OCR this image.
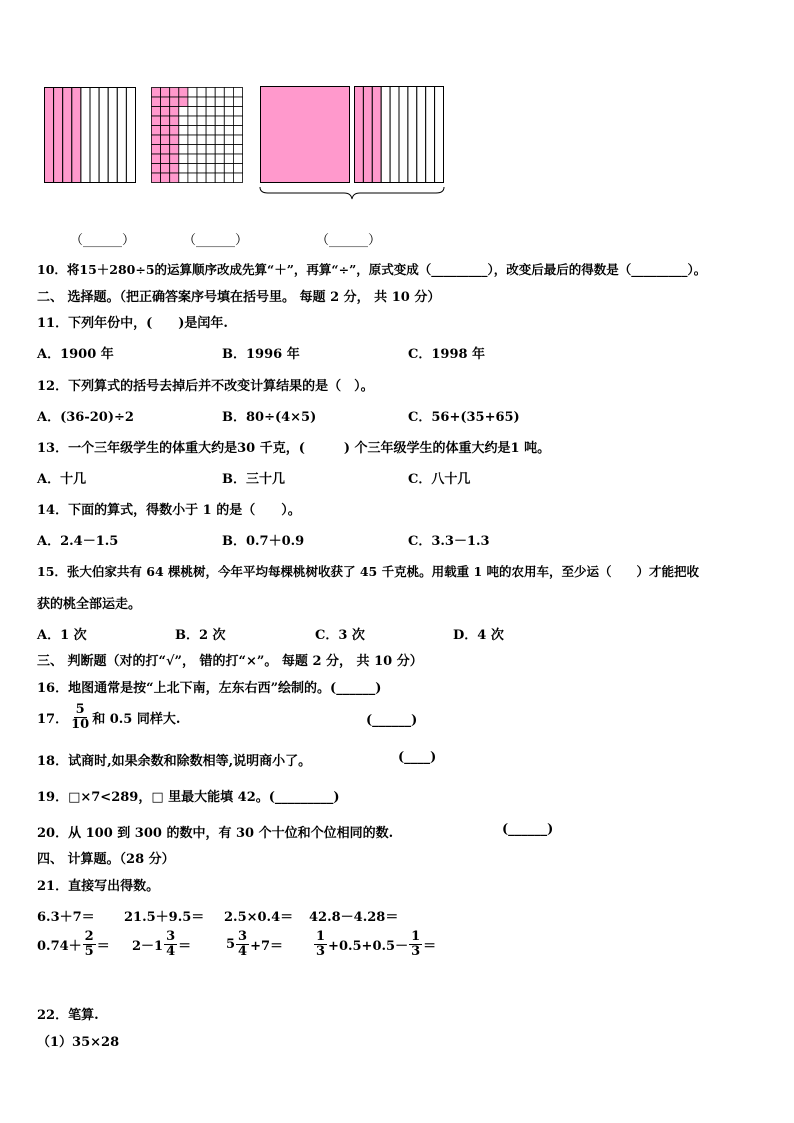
（______）	（______）	（______）
10．将15＋280÷5的运算顺序改成先算“＋”，再算“÷”，原式变成（_________），改变后最后的得数是（_________）。
二、 选择题。（把正确答案序号填在括号里。 每题 2 分， 共 10 分）
11．下列年份中，(　　)是闰年.
A．1900 年	B．1996 年	C．1998 年
12．下列算式的括号去掉后并不改变计算结果的是（　）。
A．(36-20)÷2	B．80÷(4×5)	C．56+(35+65)
13．一个三年级学生的体重大约是30 千克，(　　　) 个三年级学生的体重大约是1 吨。
A．十几	B．三十几	C．八十几
14．下面的算式，得数小于 1 的是（　　）。
A．2.4－1.5	B．0.7＋0.9	C．3.3－1.3
15．张大伯家共有 64 棵桃树，今年平均每棵桃树收获了 45 千克桃。用载重 1 吨的农用车，至少运（　　）才能把收
获的桃全部运走。
A．1 次	B．2 次	C．3 次	D．4 次
三、 判断题（对的打“√”， 错的打“×”。 每题 2 分， 共 10 分）
16．地图通常是按“上北下南，左东右西”绘制的。(______)
17． $\frac{5}{10}$ 和 0.5 同样大.	(______)
18．试商时,如果余数和除数相等,说明商小了。	(____)
19．□×7<289，□ 里最大能填 42。(_________)
20．从 100 到 300 的数中，有 30 个十位和个位相同的数.	(______)
四、 计算题。（28 分）
21．直接写出得数。
6.3＋7＝ 21.5＋9.5＝ 2.5×0.4＝ 42.8－4.28＝
$0.74+ \frac{2}{5} = 2-1 \frac{3}{4}$ ＝	$5 \frac{3}{4} +7= \frac{1}{3} +0.5+0.5- \frac{1}{3}$ ＝
22．笔算.
（1）35×28
